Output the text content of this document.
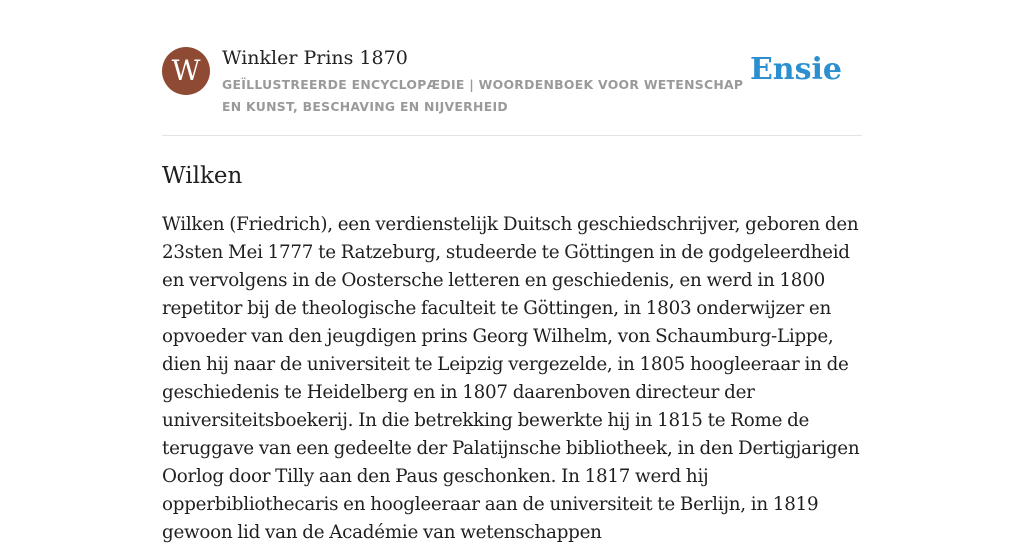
W	Winkler Prins 1870

GEÏLLUSTREERDE ENCYCLOPÆDIE | WOORDENBOEK VOOR WETENSCHAP EN KUNST, BESCHAVING EN NIJVERHEID

Ensie
Wilken

Wilken (Friedrich), een verdienstelijk Duitsch geschiedschrijver, geboren den 23sten Mei 1777 te Ratzeburg, studeerde te Göttingen in de godgeleerdheid en vervolgens in de Oostersche letteren en geschiedenis, en werd in 1800 repetitor bij de theologische faculteit te Göttingen, in 1803 onderwijzer en opvoeder van den jeugdigen prins Georg Wilhelm, von Schaumburg-Lippe, dien hij naar de universiteit te Leipzig vergezelde, in 1805 hoogleeraar in de geschiedenis te Heidelberg en in 1807 daarenboven directeur der universiteitsboekerij. In die betrekking bewerkte hij in 1815 te Rome de teruggave van een gedeelte der Palatijnsche bibliotheek, in den Dertigjarigen Oorlog door Tilly aan den Paus geschonken. In 1817 werd hij opperbibliothecaris en hoogleeraar aan de universiteit te Berlijn, in 1819 gewoon lid van de Académie van wetenschappen
